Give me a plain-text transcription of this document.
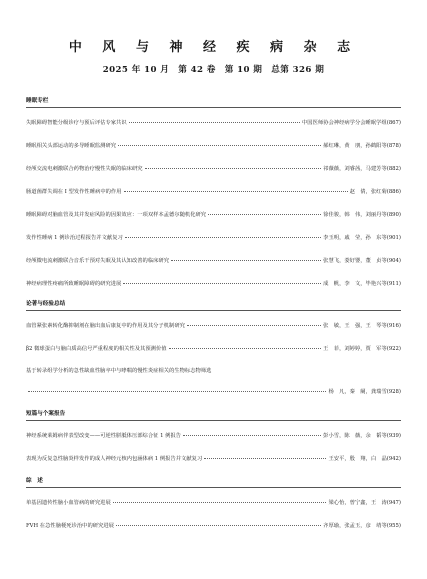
中 风 与 神 经 疾 病 杂 志
2025 年 10 月　第 42 卷　第 10 期　总第 326 期
睡眠专栏
失眠障碍智能分级诊疗与预后评估专家共识	中国医师协会神经病学分会睡眠学组 (867)
睡眠相关头部运动的多导睡眠监测研究	郝红琳，黄　朋，孙鹤阳等 (878)
经颅交流电刺激联合药物治疗慢性失眠的临床研究	祁薇薇，刘睿茜，马建芳等 (882)
肠道菌群失调在 I 型发作性睡病中的作用	赵　倩，张红菊 (886)
睡眠障碍对脑血管及其并发症风险的因果效应：一项双样本孟德尔随机化研究	徐佳骏，韩　伟，刘丽丹等 (890)
发作性睡病 1 例诊治过程报告并文献复习	李玉明，戚　莹，孙　东等 (901)
经颅微电流刺激联合音乐干预对失眠及其认知改善的临床研究	张慧飞，娄好婴，董　贞等 (904)
神经病理性疼痛所致睡眠障碍的研究进展	成　帆，李　文，毕艳兴等 (911)
论著与经验总结
血管紧张素转化酶抑制剂在脑出血后康复中的作用及其分子机制研究	张　敏，王　强，王　琴等 (916)
β2 微球蛋白与脑白质高信号严重程度的相关性及其预测价值	王　菲，刘婷婷，贾　军等 (922)
基于转录组学分析的急性缺血性脑卒中与哮喘的慢性炎症相关的生物标志物筛选
杨　凡，秦　阑，龚瑞雪 (928)
短篇与个案报告
神经系统莱姆病伴表型改变——可逆性胼胝体压部综合征 1 例报告	彭小雪，陈　薇，余　韬等 (939)
表现为反复急性脑炎样发作的成人神经元核内包涵体病 1 例报告并文献复习	王安平，殷　翔，白　晶 (942)
综　述
单基因遗传性脑小血管病的研究进展	梁心怡，曾宁鑫，王　涛 (947)
FVH 在急性脑梗死诊治中的研究进展	齐厚瑜，张孟玉，彦　靖等 (955)
